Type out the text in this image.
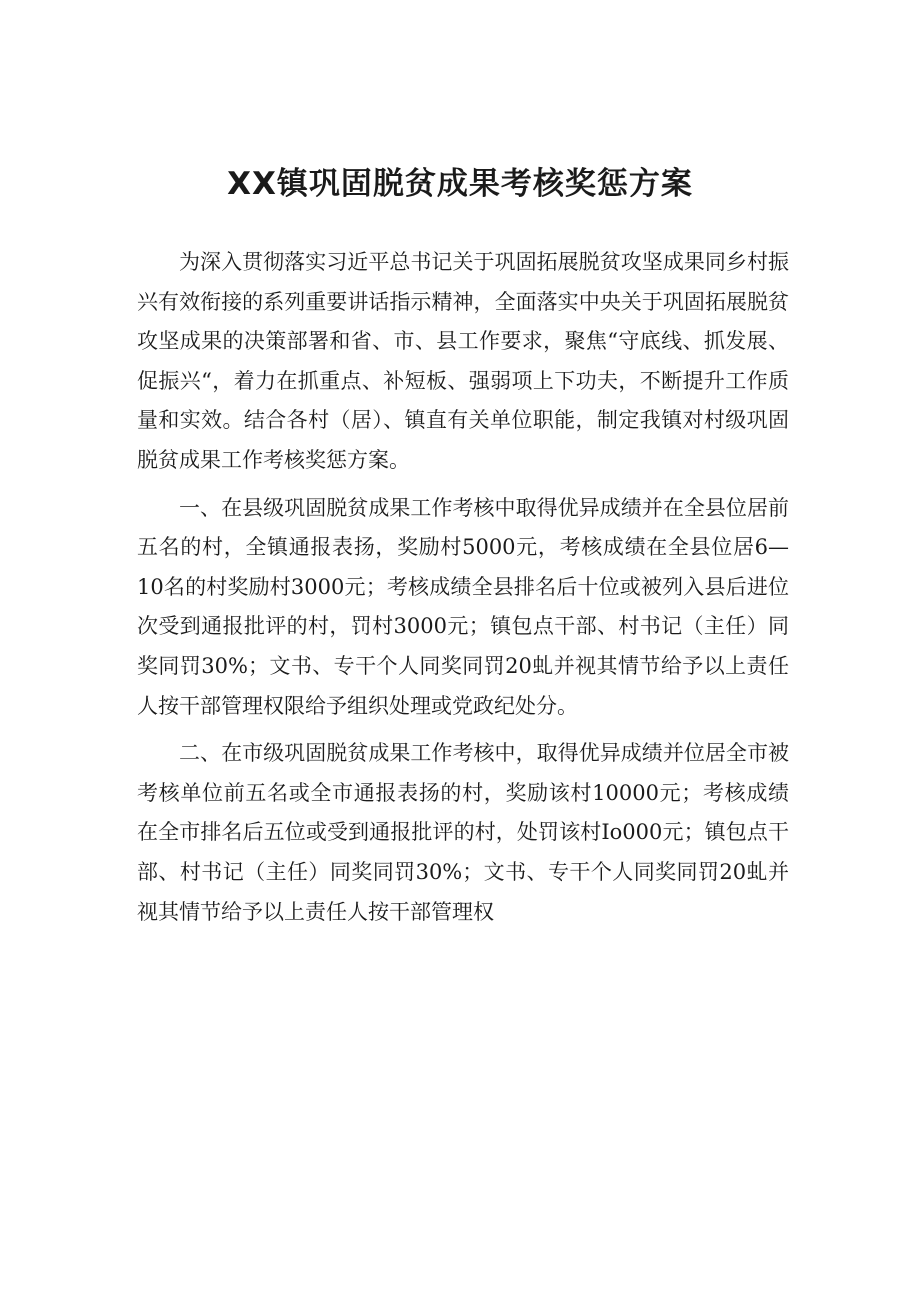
XX镇巩固脱贫成果考核奖惩方案

为深入贯彻落实习近平总书记关于巩固拓展脱贫攻坚成果同乡村振兴有效衔接的系列重要讲话指示精神，全面落实中央关于巩固拓展脱贫攻坚成果的决策部署和省、市、县工作要求，聚焦“守底线、抓发展、促振兴“，着力在抓重点、补短板、强弱项上下功夫，不断提升工作质量和实效。结合各村（居）、镇直有关单位职能，制定我镇对村级巩固脱贫成果工作考核奖惩方案。

一、在县级巩固脱贫成果工作考核中取得优异成绩并在全县位居前五名的村，全镇通报表扬，奖励村5000元，考核成绩在全县位居6—10名的村奖励村3000元；考核成绩全县排名后十位或被列入县后进位次受到通报批评的村，罚村3000元；镇包点干部、村书记（主任）同奖同罚30%；文书、专干个人同奖同罚20虬并视其情节给予以上责任人按干部管理权限给予组织处理或党政纪处分。

二、在市级巩固脱贫成果工作考核中，取得优异成绩并位居全市被考核单位前五名或全市通报表扬的村，奖励该村10000元；考核成绩在全市排名后五位或受到通报批评的村，处罚该村Io000元；镇包点干部、村书记（主任）同奖同罚30%；文书、专干个人同奖同罚20虬并视其情节给予以上责任人按干部管理权
